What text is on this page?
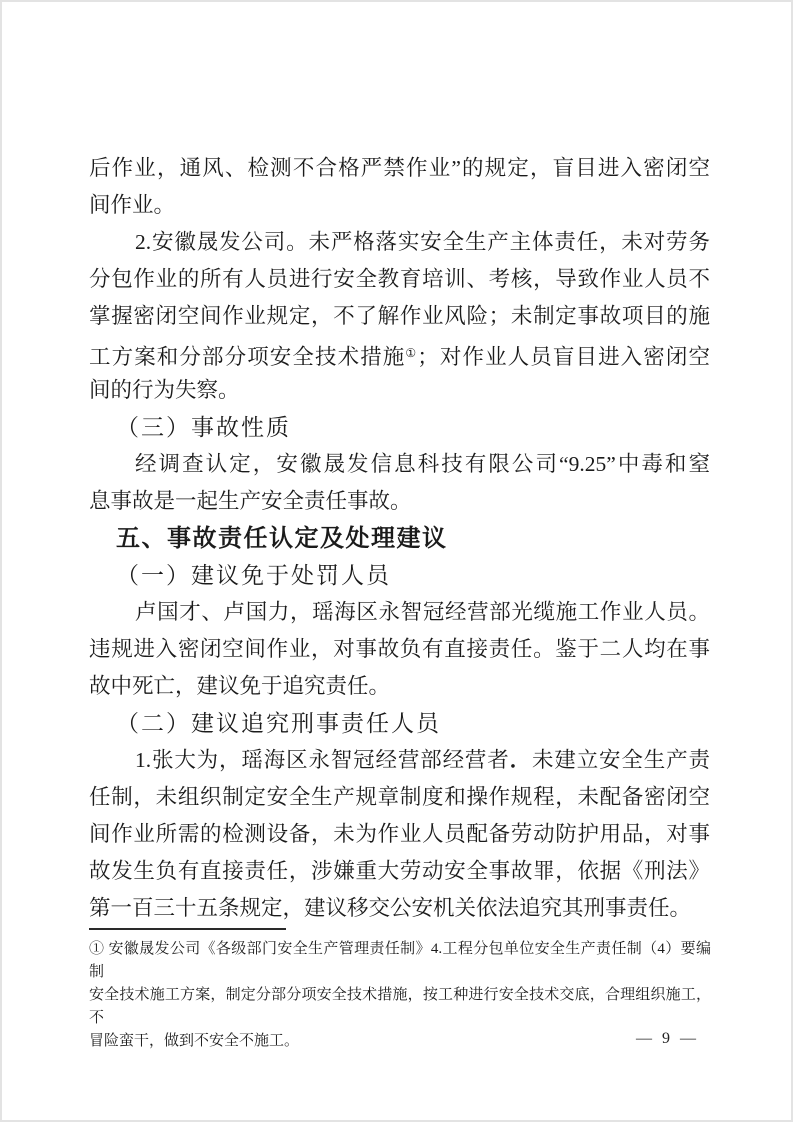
后作业，通风、检测不合格严禁作业”的规定，盲目进入密闭空
间作业。
2.安徽晟发公司。未严格落实安全生产主体责任，未对劳务
分包作业的所有人员进行安全教育培训、考核，导致作业人员不
掌握密闭空间作业规定，不了解作业风险；未制定事故项目的施
工方案和分部分项安全技术措施①；对作业人员盲目进入密闭空
间的行为失察。
（三）事故性质
经调查认定，安徽晟发信息科技有限公司“9.25”中毒和窒
息事故是一起生产安全责任事故。
五、事故责任认定及处理建议
（一）建议免于处罚人员
卢国才、卢国力，瑶海区永智冠经营部光缆施工作业人员。
违规进入密闭空间作业，对事故负有直接责任。鉴于二人均在事
故中死亡，建议免于追究责任。
（二）建议追究刑事责任人员
1.张大为，瑶海区永智冠经营部经营者．未建立安全生产责
任制，未组织制定安全生产规章制度和操作规程，未配备密闭空
间作业所需的检测设备，未为作业人员配备劳动防护用品，对事
故发生负有直接责任，涉嫌重大劳动安全事故罪，依据《刑法》
第一百三十五条规定，建议移交公安机关依法追究其刑事责任。
① 安徽晟发公司《各级部门安全生产管理责任制》4.工程分包单位安全生产责任制（4）要编制
安全技术施工方案，制定分部分项安全技术措施，按工种进行安全技术交底，合理组织施工，不
冒险蛮干，做到不安全不施工。	— 9 —
